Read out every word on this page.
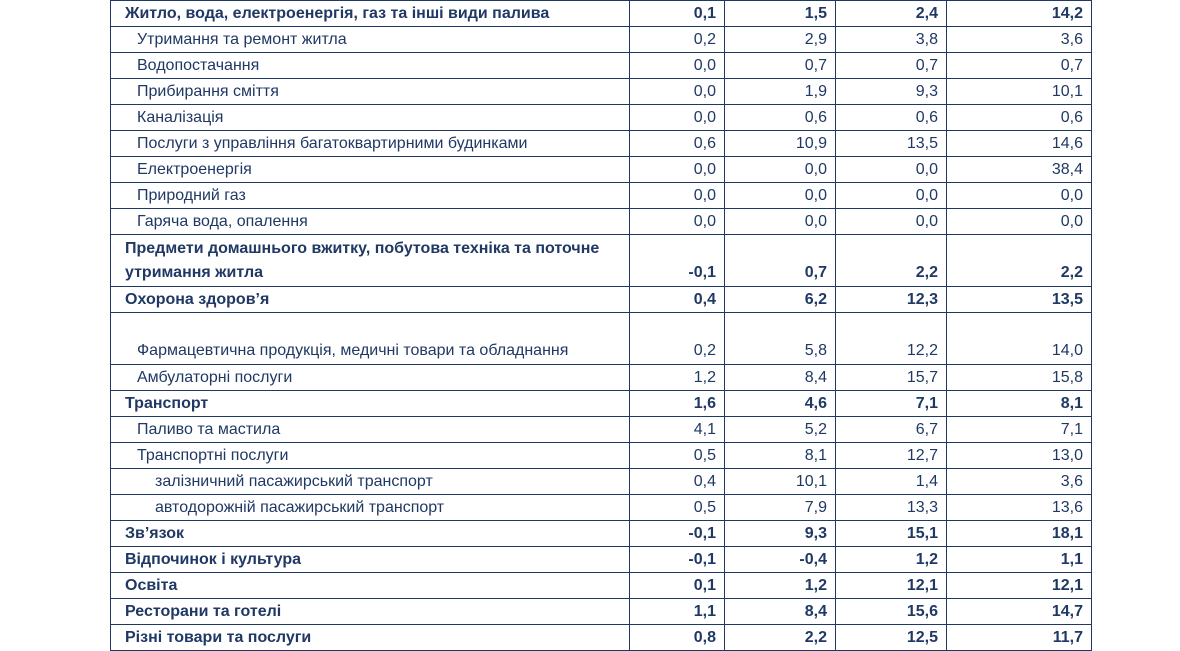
Житло, вода, електроенергія, газ та інші види палива	0,1	1,5	2,4	14,2
Утримання та ремонт житла	0,2	2,9	3,8	3,6
Водопостачання	0,0	0,7	0,7	0,7
Прибирання сміття	0,0	1,9	9,3	10,1
Каналізація	0,0	0,6	0,6	0,6
Послуги з управління багатоквартирними будинками	0,6	10,9	13,5	14,6
Електроенергія	0,0	0,0	0,0	38,4
Природний газ	0,0	0,0	0,0	0,0
Гаряча вода, опалення	0,0	0,0	0,0	0,0
Предмети домашнього вжитку, побутова техніка та поточне утримання житла	-0,1	0,7	2,2	2,2
Охорона здоров’я	0,4	6,2	12,3	13,5
Фармацевтична продукція, медичні товари та обладнання	0,2	5,8	12,2	14,0
Амбулаторні послуги	1,2	8,4	15,7	15,8
Транспорт	1,6	4,6	7,1	8,1
Паливо та мастила	4,1	5,2	6,7	7,1
Транспортні послуги	0,5	8,1	12,7	13,0
залізничний пасажирський транспорт	0,4	10,1	1,4	3,6
автодорожній пасажирський транспорт	0,5	7,9	13,3	13,6
Зв’язок	-0,1	9,3	15,1	18,1
Відпочинок і культура	-0,1	-0,4	1,2	1,1
Освіта	0,1	1,2	12,1	12,1
Ресторани та готелі	1,1	8,4	15,6	14,7
Різні товари та послуги	0,8	2,2	12,5	11,7
